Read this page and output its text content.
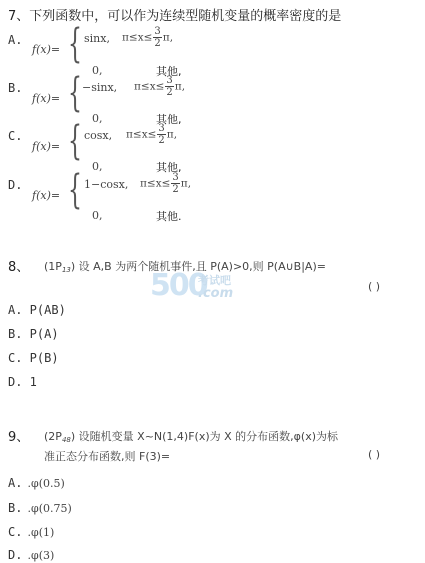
500
考试吧
.com
7、下列函数中，可以作为连续型随机变量的概率密度的是
A.
f(x)= { sinx, $\pi\le x\le \frac{3}{2} \pi$,
0,	其他,
B.
f(x)= { −sinx, $\pi\le x\le \frac{3}{2} \pi$,
0,	其他,
C.
f(x)= { cosx, $\pi\le x\le \frac{3}{2} \pi$,
0,	其他,
D.
f(x)= { 1−cosx, $\pi\le x\le \frac{3}{2} \pi$,
0,	其他.
8、 $(1P_{13})$ 设 A,B 为两个随机事件,且 P(A)>0,则 P(A∪B|A)=
( )
A. P(AB)
B. P(A)
C. P(B)
D. 1
9、 $(2P_{48})$ 设随机变量 X~N(1,4)F(x)为 X 的分布函数,φ(x)为标
准正态分布函数,则 F(3)=	( )
A. .φ(0.5)
B. .φ(0.75)
C. .φ(1)
D. .φ(3)
